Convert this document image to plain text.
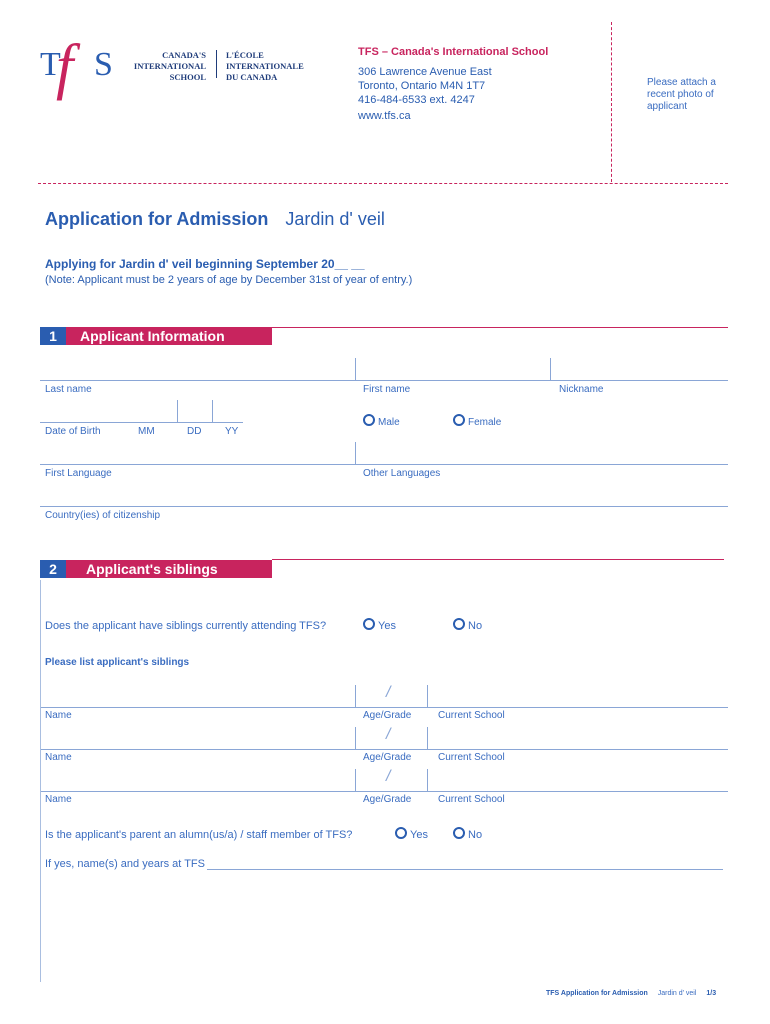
T
f S	CANADA'S
INTERNATIONAL
SCHOOL
L'ÉCOLE
INTERNATIONALE
DU CANADA
TFS – Canada's International School
306 Lawrence Avenue East
Toronto, Ontario M4N 1T7
416-484-6533 ext. 4247
www.tfs.ca
Please attach a
recent photo of
applicant
Application for Admission Jardin d' veil
Applying for Jardin d' veil beginning September 20__ __
(Note: Applicant must be 2 years of age by December 31st of year of entry.)
1	Applicant Information
Last name	First name	Nickname
Date of Birth	MM	DD YY
Male	Female
First Language	Other Languages
Country(ies) of citizenship
2	Applicant's siblings
Does the applicant have siblings currently attending TFS?	Yes	No
Please list applicant's siblings
/
Name	Age/Grade	Current School
/
Name	Age/Grade	Current School
/
Name	Age/Grade	Current School
Is the applicant's parent an alumn(us/a) / staff member of TFS?	Yes	No
If yes, name(s) and years at TFS
TFS Application for Admission Jardin d' veil 1/3
